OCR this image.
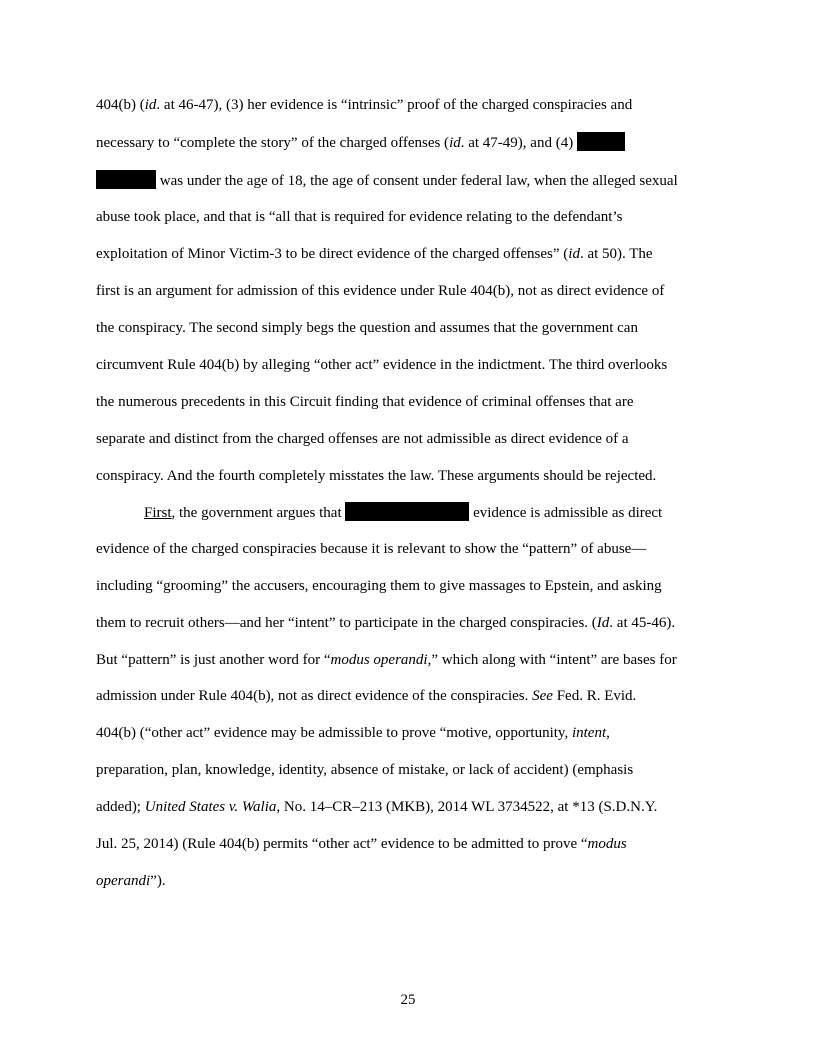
404(b) (id. at 46-47), (3) her evidence is “intrinsic” proof of the charged conspiracies and
necessary to “complete the story” of the charged offenses (id. at 47-49), and (4)
was under the age of 18, the age of consent under federal law, when the alleged sexual
abuse took place, and that is “all that is required for evidence relating to the defendant’s
exploitation of Minor Victim-3 to be direct evidence of the charged offenses” (id. at 50). The
first is an argument for admission of this evidence under Rule 404(b), not as direct evidence of
the conspiracy. The second simply begs the question and assumes that the government can
circumvent Rule 404(b) by alleging “other act” evidence in the indictment. The third overlooks
the numerous precedents in this Circuit finding that evidence of criminal offenses that are
separate and distinct from the charged offenses are not admissible as direct evidence of a
conspiracy. And the fourth completely misstates the law. These arguments should be rejected.
First, the government argues that	evidence is admissible as direct
evidence of the charged conspiracies because it is relevant to show the “pattern” of abuse—
including “grooming” the accusers, encouraging them to give massages to Epstein, and asking
them to recruit others—and her “intent” to participate in the charged conspiracies. (Id. at 45-46).
But “pattern” is just another word for “modus operandi,” which along with “intent” are bases for
admission under Rule 404(b), not as direct evidence of the conspiracies. See Fed. R. Evid.
404(b) (“other act” evidence may be admissible to prove “motive, opportunity, intent,
preparation, plan, knowledge, identity, absence of mistake, or lack of accident) (emphasis
added); United States v. Walia, No. 14–CR–213 (MKB), 2014 WL 3734522, at *13 (S.D.N.Y.
Jul. 25, 2014) (Rule 404(b) permits “other act” evidence to be admitted to prove “modus
operandi”).
25
